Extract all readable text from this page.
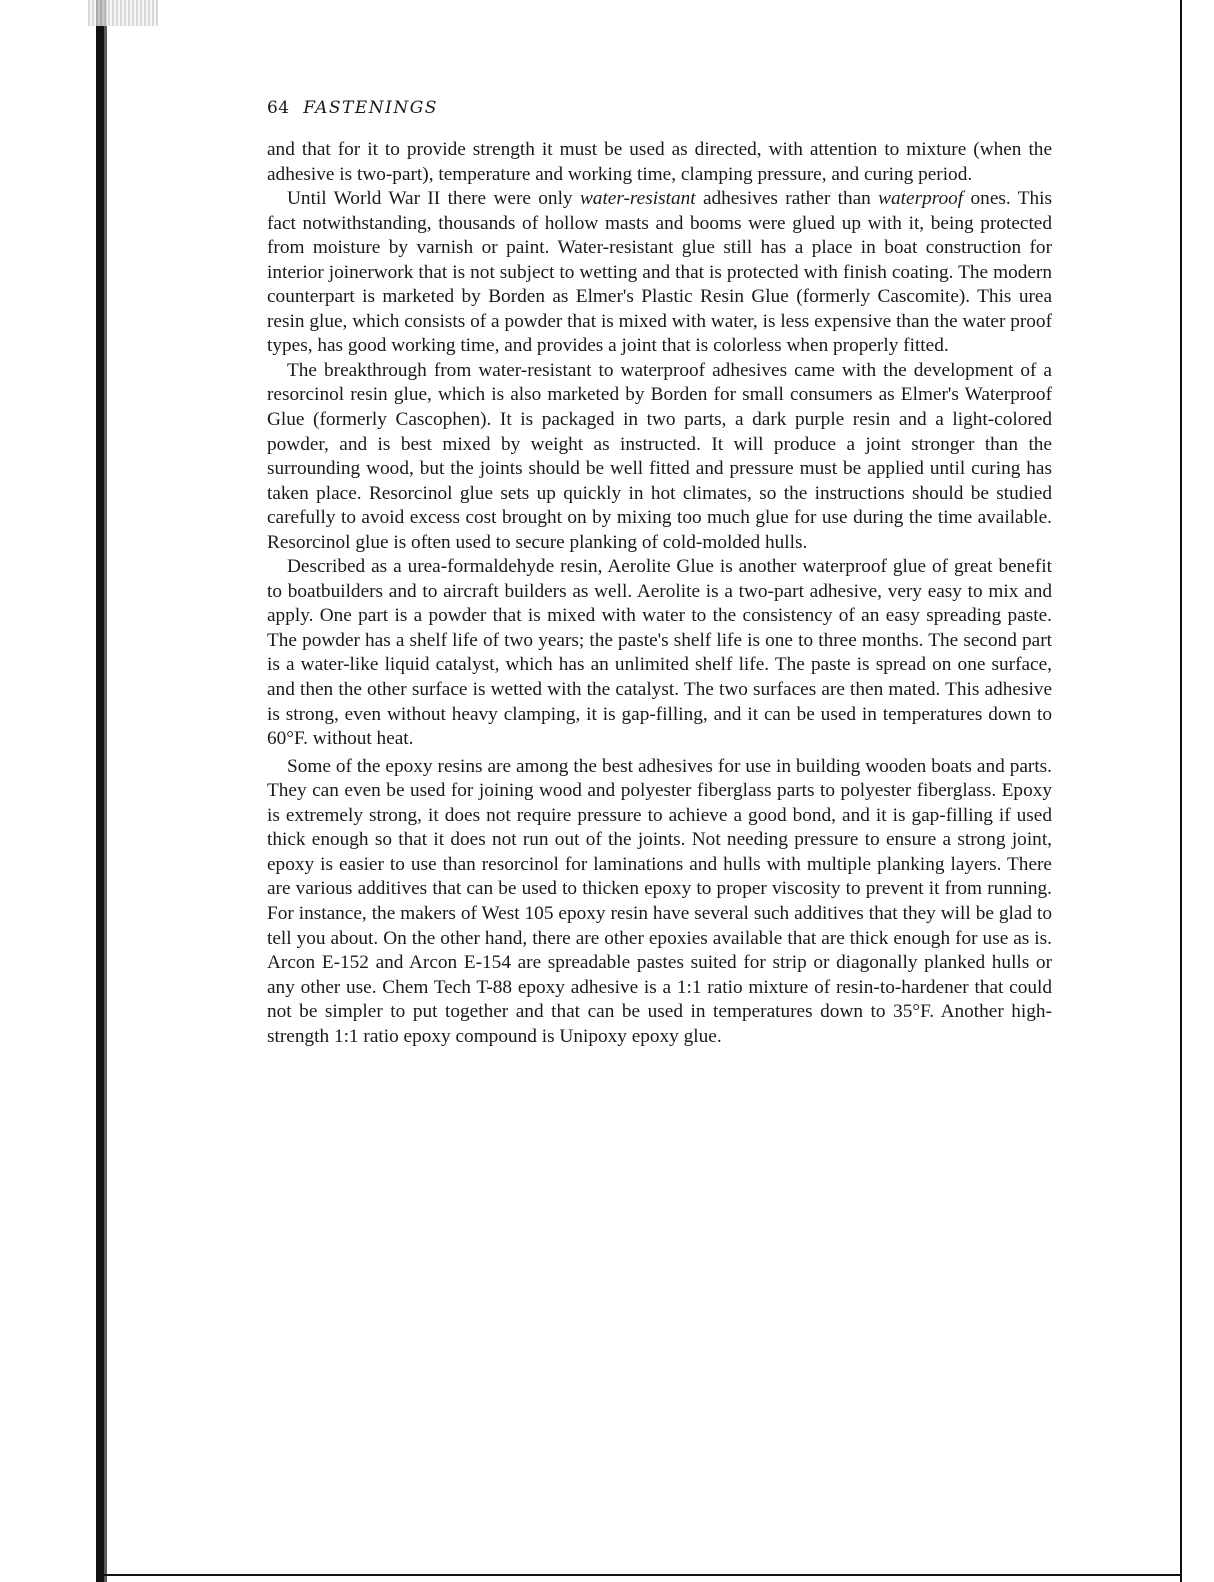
64 FASTENINGS

and that for it to provide strength it must be used as directed, with attention to mixture (when the adhesive is two-part), temperature and working time, clamping pressure, and curing period.

Until World War II there were only water-resistant adhesives rather than waterproof ones. This fact notwithstanding, thousands of hollow masts and booms were glued up with it, being protected from moisture by varnish or paint. Water-resistant glue still has a place in boat construction for interior joinerwork that is not subject to wetting and that is protected with finish coating. The modern counterpart is marketed by Borden as Elmer's Plastic Resin Glue (formerly Cascomite). This urea resin glue, which consists of a powder that is mixed with water, is less expensive than the water proof types, has good working time, and provides a joint that is colorless when properly fitted.

The breakthrough from water-resistant to waterproof adhesives came with the development of a resorcinol resin glue, which is also marketed by Borden for small consumers as Elmer's Waterproof Glue (formerly Cascophen). It is packaged in two parts, a dark purple resin and a light-colored powder, and is best mixed by weight as instructed. It will produce a joint stronger than the surrounding wood, but the joints should be well fitted and pressure must be applied until curing has taken place. Resorcinol glue sets up quickly in hot climates, so the instructions should be studied carefully to avoid excess cost brought on by mixing too much glue for use during the time available. Resorcinol glue is often used to secure planking of cold-molded hulls.

Described as a urea-formaldehyde resin, Aerolite Glue is another waterproof glue of great benefit to boatbuilders and to aircraft builders as well. Aerolite is a two-part adhesive, very easy to mix and apply. One part is a powder that is mixed with water to the consistency of an easy spreading paste. The powder has a shelf life of two years; the paste's shelf life is one to three months. The second part is a water-like liquid catalyst, which has an unlimited shelf life. The paste is spread on one surface, and then the other surface is wetted with the catalyst. The two surfaces are then mated. This adhesive is strong, even without heavy clamping, it is gap-filling, and it can be used in temperatures down to 60°F. without heat.

Some of the epoxy resins are among the best adhesives for use in building wooden boats and parts. They can even be used for joining wood and polyester fiberglass parts to polyester fiberglass. Epoxy is extremely strong, it does not require pressure to achieve a good bond, and it is gap-filling if used thick enough so that it does not run out of the joints. Not needing pressure to ensure a strong joint, epoxy is easier to use than resorcinol for laminations and hulls with multiple planking layers. There are various additives that can be used to thicken epoxy to proper viscosity to prevent it from running. For instance, the makers of West 105 epoxy resin have several such additives that they will be glad to tell you about. On the other hand, there are other epoxies available that are thick enough for use as is. Arcon E-152 and Arcon E-154 are spreadable pastes suited for strip or diagonally planked hulls or any other use. Chem Tech T-88 epoxy adhesive is a 1:1 ratio mixture of resin-to-hardener that could not be simpler to put together and that can be used in temperatures down to 35°F. Another high-strength 1:1 ratio epoxy compound is Unipoxy epoxy glue.
